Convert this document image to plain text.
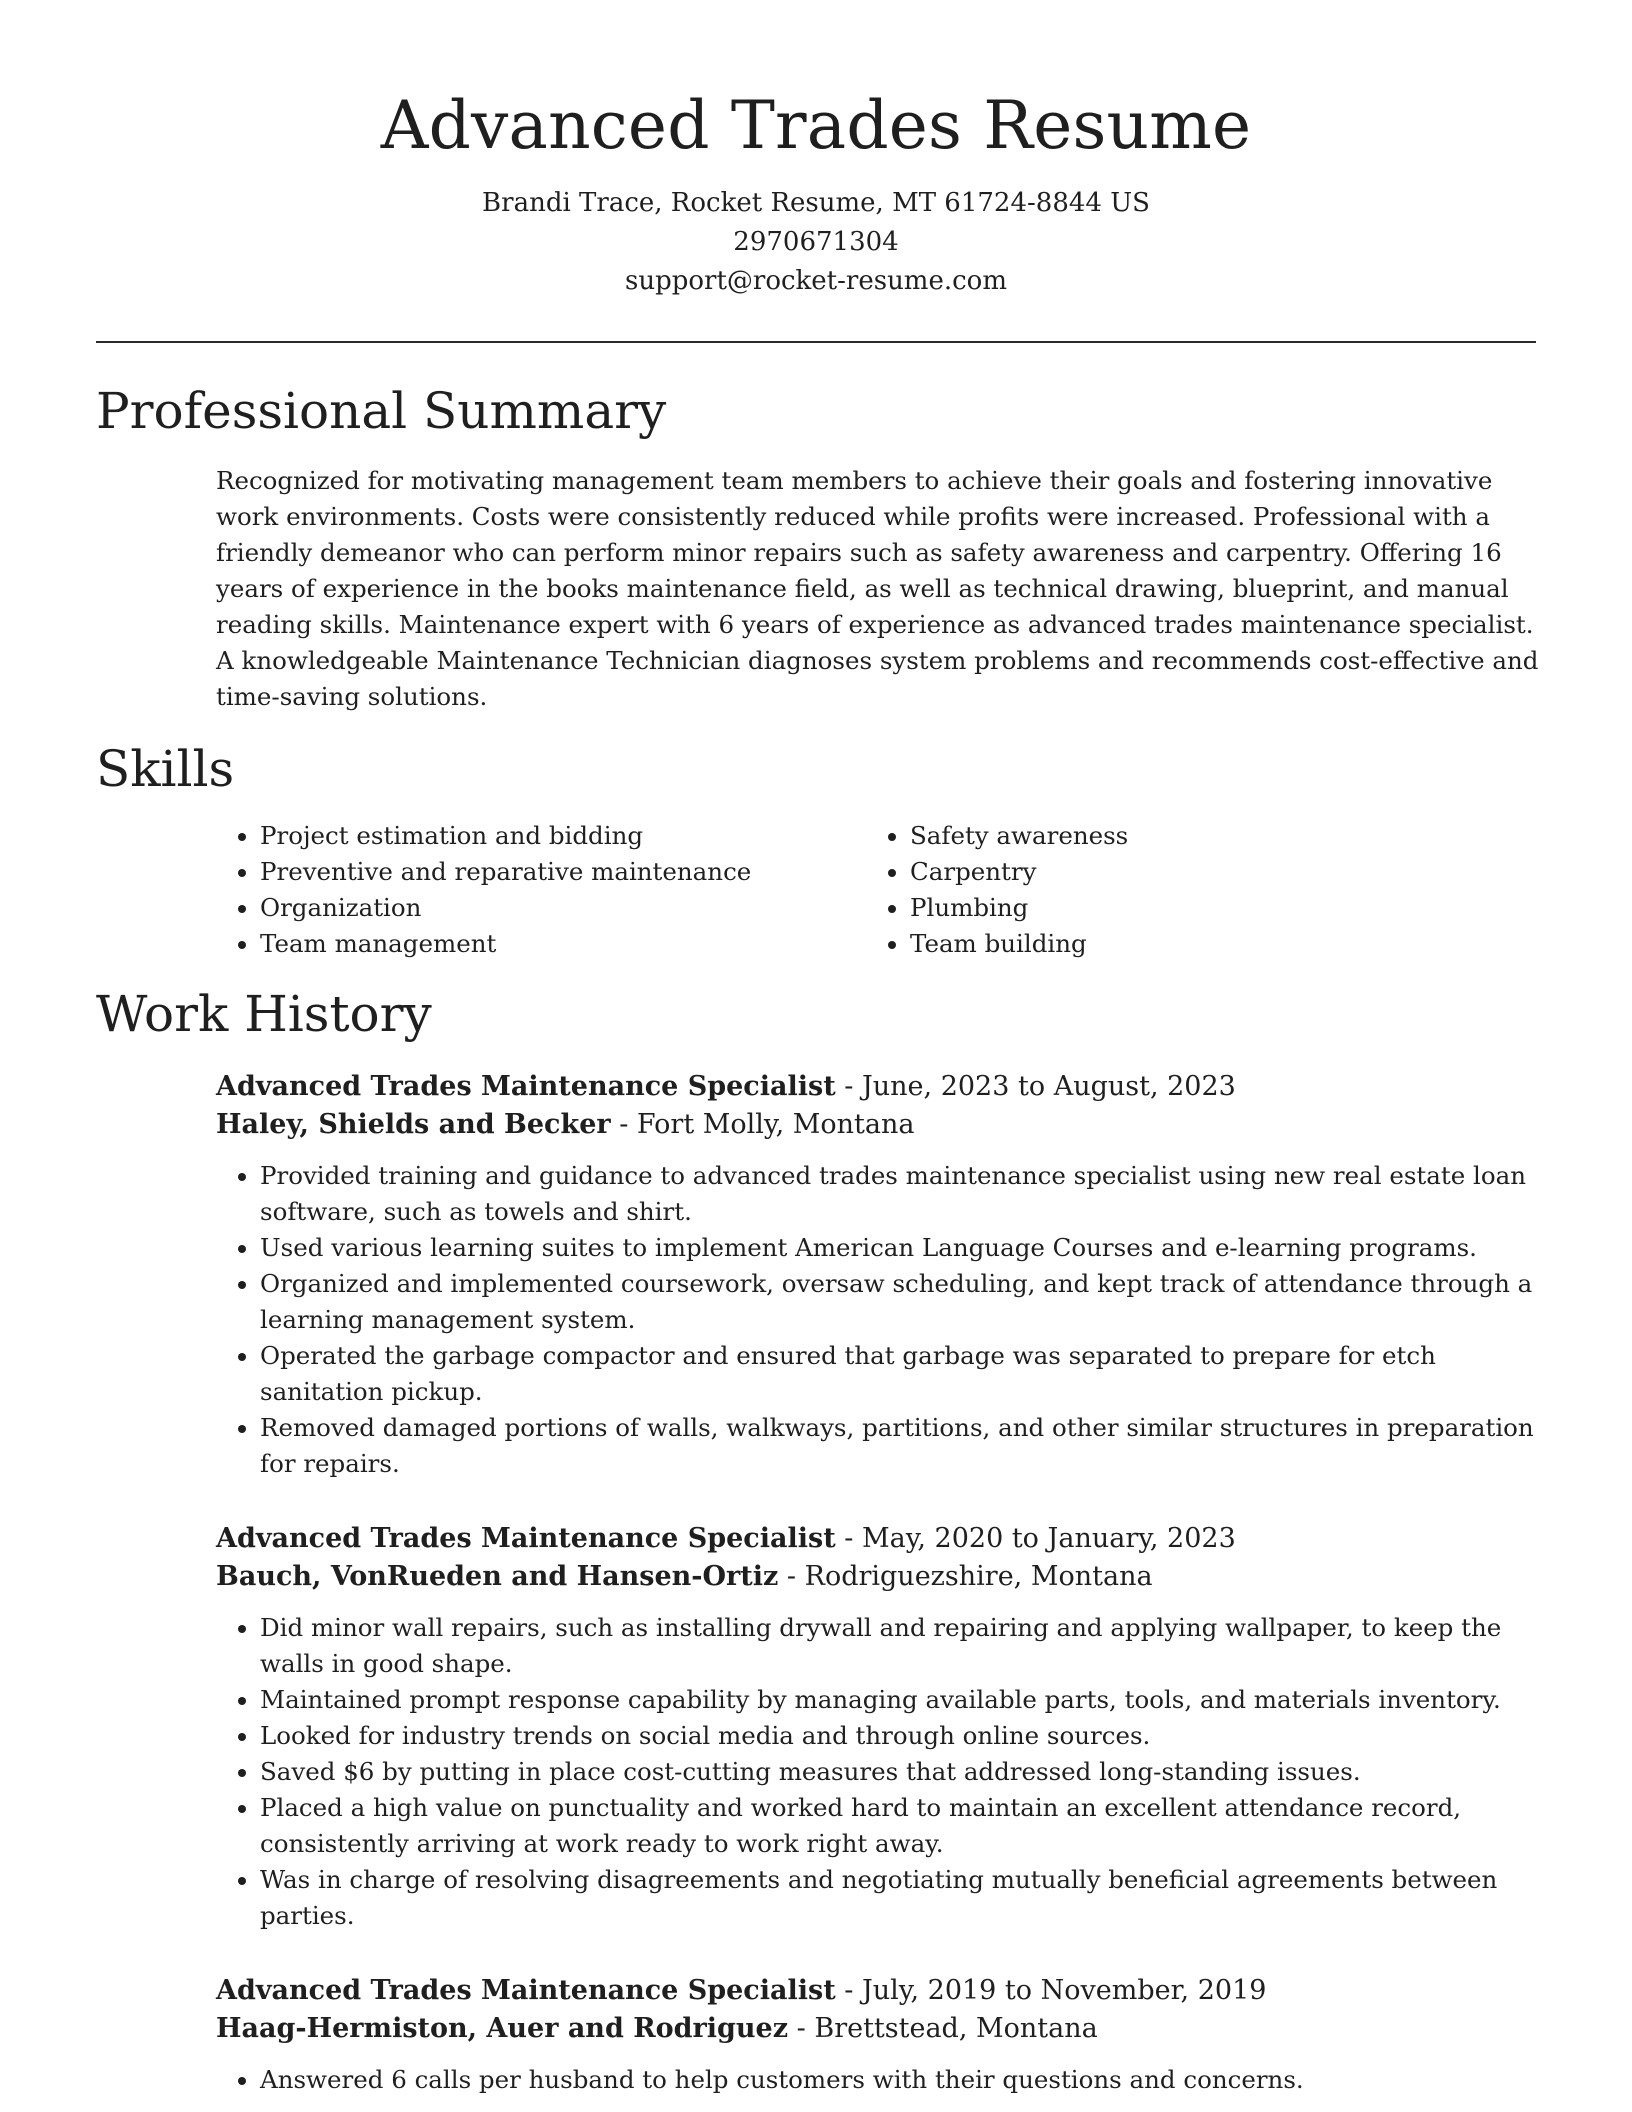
Advanced Trades Resume

Brandi Trace, Rocket Resume, MT 61724-8844 US

2970671304

support@rocket-resume.com

Professional Summary

Recognized for motivating management team members to achieve their goals and fostering innovative work environments. Costs were consistently reduced while profits were increased. Professional with a friendly demeanor who can perform minor repairs such as safety awareness and carpentry. Offering 16 years of experience in the books maintenance field, as well as technical drawing, blueprint, and manual reading skills. Maintenance expert with 6 years of experience as advanced trades maintenance specialist. A knowledgeable Maintenance Technician diagnoses system problems and recommends cost-effective and time-saving solutions.

Skills
• Project estimation and bidding
• Preventive and reparative maintenance
• Organization
• Team management
• Safety awareness
• Carpentry
• Plumbing
• Team building
Work History

Advanced Trades Maintenance Specialist - June, 2023 to August, 2023

Haley, Shields and Becker - Fort Molly, Montana

• Provided training and guidance to advanced trades maintenance specialist using new real estate loan software, such as towels and shirt.
• Used various learning suites to implement American Language Courses and e-learning programs.
• Organized and implemented coursework, oversaw scheduling, and kept track of attendance through a learning management system.
• Operated the garbage compactor and ensured that garbage was separated to prepare for etch sanitation pickup.
• Removed damaged portions of walls, walkways, partitions, and other similar structures in preparation for repairs.

Advanced Trades Maintenance Specialist - May, 2020 to January, 2023

Bauch, VonRueden and Hansen-Ortiz - Rodriguezshire, Montana

• Did minor wall repairs, such as installing drywall and repairing and applying wallpaper, to keep the walls in good shape.
• Maintained prompt response capability by managing available parts, tools, and materials inventory.
• Looked for industry trends on social media and through online sources.
• Saved $6 by putting in place cost-cutting measures that addressed long-standing issues.
• Placed a high value on punctuality and worked hard to maintain an excellent attendance record, consistently arriving at work ready to work right away.
• Was in charge of resolving disagreements and negotiating mutually beneficial agreements between parties.

Advanced Trades Maintenance Specialist - July, 2019 to November, 2019

Haag-Hermiston, Auer and Rodriguez - Brettstead, Montana

• Answered 6 calls per husband to help customers with their questions and concerns.
